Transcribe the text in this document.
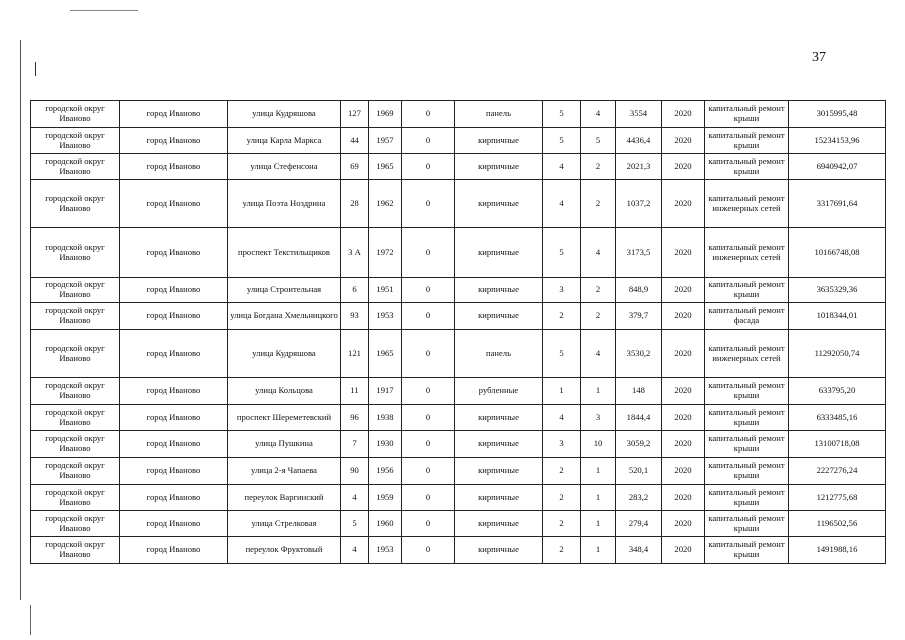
37
городской округ Иваново	город Иваново	улица Кудряшова	127	1969	0	панель	5	4	3554	2020	капитальный ремонт крыши	3015995,48
городской округ Иваново	город Иваново	улица Карла Маркса	44	1957	0	кирпичные	5	5	4436,4	2020	капитальный ремонт крыши	15234153,96
городской округ Иваново	город Иваново	улица Стефенсона	69	1965	0	кирпичные	4	2	2021,3	2020	капитальный ремонт крыши	6940942,07
городской округ Иваново	город Иваново	улица Поэта Ноздрина	28	1962	0	кирпичные	4	2	1037,2	2020	капитальный ремонт инженерных сетей	3317691,64
городской округ Иваново	город Иваново	проспект Текстильщиков	3 А	1972	0	кирпичные	5	4	3173,5	2020	капитальный ремонт инженерных сетей	10166748,08
городской округ Иваново	город Иваново	улица Строительная	6	1951	0	кирпичные	3	2	848,9	2020	капитальный ремонт крыши	3635329,36
городской округ Иваново	город Иваново	улица Богдана Хмельницкого	93	1953	0	кирпичные	2	2	379,7	2020	капитальный ремонт фасада	1018344,01
городской округ Иваново	город Иваново	улица Кудряшова	121	1965	0	панель	5	4	3530,2	2020	капитальный ремонт инженерных сетей	11292050,74
городской округ Иваново	город Иваново	улица Кольцова	11	1917	0	рубленные	1	1	148	2020	капитальный ремонт крыши	633795,20
городской округ Иваново	город Иваново	проспект Шереметевский	96	1938	0	кирпичные	4	3	1844,4	2020	капитальный ремонт крыши	6333485,16
городской округ Иваново	город Иваново	улица Пушкина	7	1930	0	кирпичные	3	10	3059,2	2020	капитальный ремонт крыши	13100718,08
городской округ Иваново	город Иваново	улица 2-я Чапаева	90	1956	0	кирпичные	2	1	520,1	2020	капитальный ремонт крыши	2227276,24
городской округ Иваново	город Иваново	переулок Варгинский	4	1959	0	кирпичные	2	1	283,2	2020	капитальный ремонт крыши	1212775,68
городской округ Иваново	город Иваново	улица Стрелковая	5	1960	0	кирпичные	2	1	279,4	2020	капитальный ремонт крыши	1196502,56
городской округ Иваново	город Иваново	переулок Фруктовый	4	1953	0	кирпичные	2	1	348,4	2020	капитальный ремонт крыши	1491988,16
